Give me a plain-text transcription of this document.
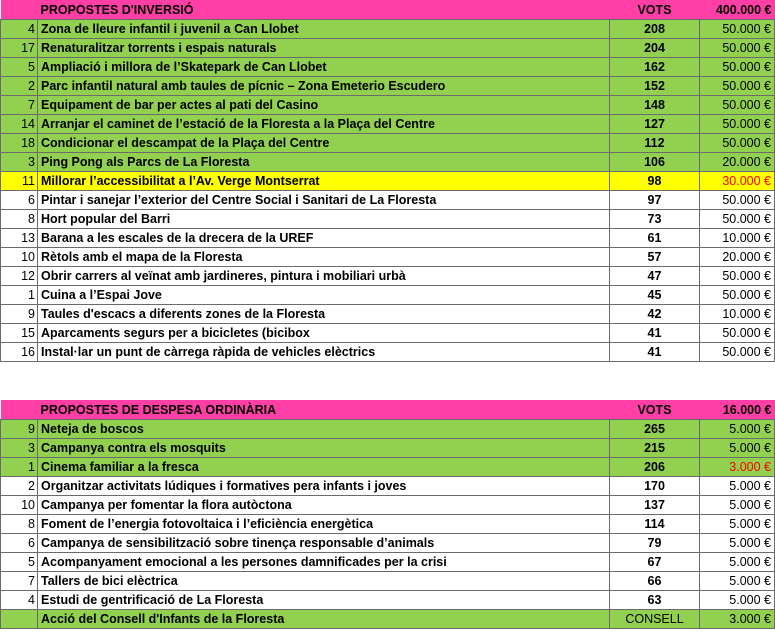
	PROPOSTES D'INVERSIÓ	VOTS	400.000 €
4	Zona de lleure infantil i juvenil a Can Llobet	208	50.000 €
17	Renaturalitzar torrents i espais naturals	204	50.000 €
5	Ampliació i millora de l’Skatepark de Can Llobet	162	50.000 €
2	Parc infantil natural amb taules de pícnic – Zona Emeterio Escudero	152	50.000 €
7	Equipament de bar per actes al pati del Casino	148	50.000 €
14	Arranjar el caminet de l’estació de la Floresta a la Plaça del Centre	127	50.000 €
18	Condicionar el descampat de la Plaça del Centre	112	50.000 €
3	Ping Pong als Parcs de La Floresta	106	20.000 €
11	Millorar l’accessibilitat a l’Av. Verge Montserrat	98	30.000 €
6	Pintar i sanejar l’exterior del Centre Social i Sanitari de La Floresta	97	50.000 €
8	Hort popular del Barri	73	50.000 €
13	Barana a les escales de la drecera de la UREF	61	10.000 €
10	Rètols amb el mapa de la Floresta	57	20.000 €
12	Obrir carrers al veïnat amb jardineres, pintura i mobiliari urbà	47	50.000 €
1	Cuina a l’Espai Jove	45	50.000 €
9	Taules d'escacs a diferents zones de la Floresta	42	10.000 €
15	Aparcaments segurs per a bicicletes (bicibox	41	50.000 €
16	Instal·lar un punt de càrrega ràpida de vehicles elèctrics	41	50.000 €
	PROPOSTES DE DESPESA ORDINÀRIA	VOTS	16.000 €
9	Neteja de boscos	265	5.000 €
3	Campanya contra els mosquits	215	5.000 €
1	Cinema familiar a la fresca	206	3.000 €
2	Organitzar activitats lúdiques i formatives pera infants i joves	170	5.000 €
10	Campanya per fomentar la flora autòctona	137	5.000 €
8	Foment de l’energia fotovoltaica i l’eficiència energètica	114	5.000 €
6	Campanya de sensibilització sobre tinença responsable d’animals	79	5.000 €
5	Acompanyament emocional a les persones damnificades per la crisi	67	5.000 €
7	Tallers de bici elèctrica	66	5.000 €
4	Estudi de gentrificació de La Floresta	63	5.000 €
	Acció del Consell d'Infants de la Floresta	CONSELL	3.000 €
